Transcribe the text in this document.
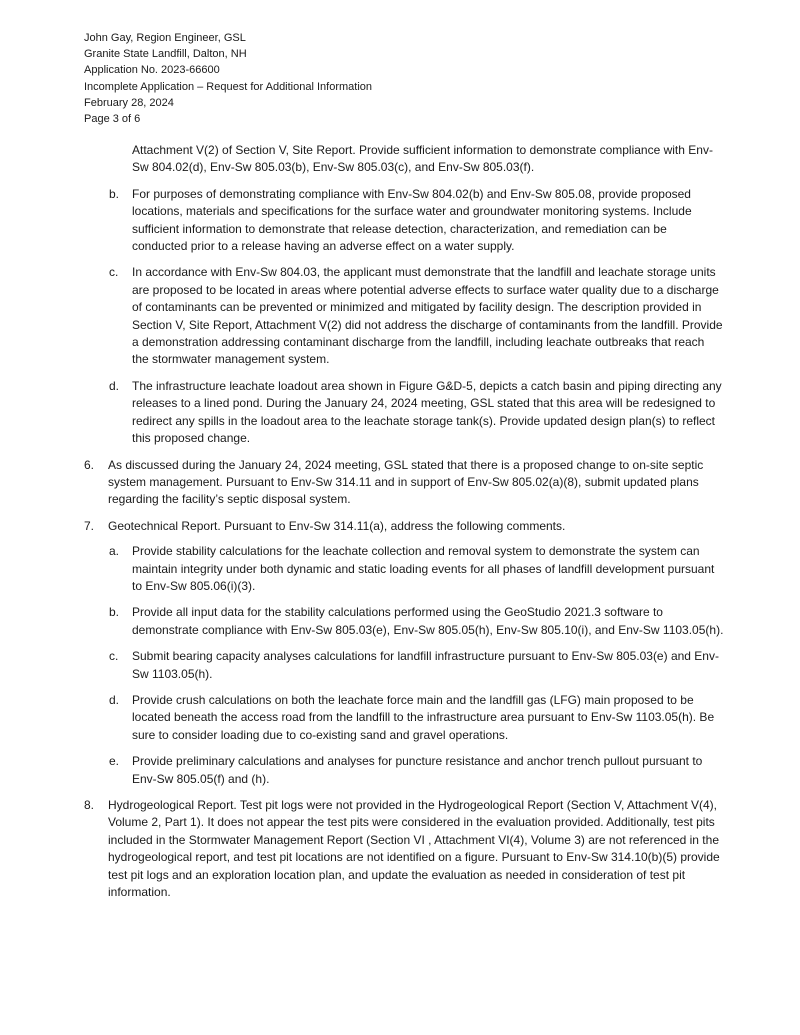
John Gay, Region Engineer, GSL
Granite State Landfill, Dalton, NH
Application No. 2023-66600
Incomplete Application – Request for Additional Information
February 28, 2024
Page 3 of 6
Attachment V(2) of Section V, Site Report. Provide sufficient information to demonstrate compliance with Env-Sw 804.02(d), Env-Sw 805.03(b), Env-Sw 805.03(c), and Env-Sw 805.03(f).
b. For purposes of demonstrating compliance with Env-Sw 804.02(b) and Env-Sw 805.08, provide proposed locations, materials and specifications for the surface water and groundwater monitoring systems. Include sufficient information to demonstrate that release detection, characterization, and remediation can be conducted prior to a release having an adverse effect on a water supply.
c. In accordance with Env-Sw 804.03, the applicant must demonstrate that the landfill and leachate storage units are proposed to be located in areas where potential adverse effects to surface water quality due to a discharge of contaminants can be prevented or minimized and mitigated by facility design. The description provided in Section V, Site Report, Attachment V(2) did not address the discharge of contaminants from the landfill. Provide a demonstration addressing contaminant discharge from the landfill, including leachate outbreaks that reach the stormwater management system.
d. The infrastructure leachate loadout area shown in Figure G&D-5, depicts a catch basin and piping directing any releases to a lined pond. During the January 24, 2024 meeting, GSL stated that this area will be redesigned to redirect any spills in the loadout area to the leachate storage tank(s). Provide updated design plan(s) to reflect this proposed change.
6. As discussed during the January 24, 2024 meeting, GSL stated that there is a proposed change to on-site septic system management. Pursuant to Env-Sw 314.11 and in support of Env-Sw 805.02(a)(8), submit updated plans regarding the facility’s septic disposal system.
7. Geotechnical Report. Pursuant to Env-Sw 314.11(a), address the following comments.
a. Provide stability calculations for the leachate collection and removal system to demonstrate the system can maintain integrity under both dynamic and static loading events for all phases of landfill development pursuant to Env-Sw 805.06(i)(3).
b. Provide all input data for the stability calculations performed using the GeoStudio 2021.3 software to demonstrate compliance with Env-Sw 805.03(e), Env-Sw 805.05(h), Env-Sw 805.10(i), and Env-Sw 1103.05(h).
c. Submit bearing capacity analyses calculations for landfill infrastructure pursuant to Env-Sw 805.03(e) and Env-Sw 1103.05(h).
d. Provide crush calculations on both the leachate force main and the landfill gas (LFG) main proposed to be located beneath the access road from the landfill to the infrastructure area pursuant to Env-Sw 1103.05(h). Be sure to consider loading due to co-existing sand and gravel operations.
e. Provide preliminary calculations and analyses for puncture resistance and anchor trench pullout pursuant to Env-Sw 805.05(f) and (h).
8. Hydrogeological Report. Test pit logs were not provided in the Hydrogeological Report (Section V, Attachment V(4), Volume 2, Part 1). It does not appear the test pits were considered in the evaluation provided. Additionally, test pits included in the Stormwater Management Report (Section VI , Attachment VI(4), Volume 3) are not referenced in the hydrogeological report, and test pit locations are not identified on a figure. Pursuant to Env-Sw 314.10(b)(5) provide test pit logs and an exploration location plan, and update the evaluation as needed in consideration of test pit information.
